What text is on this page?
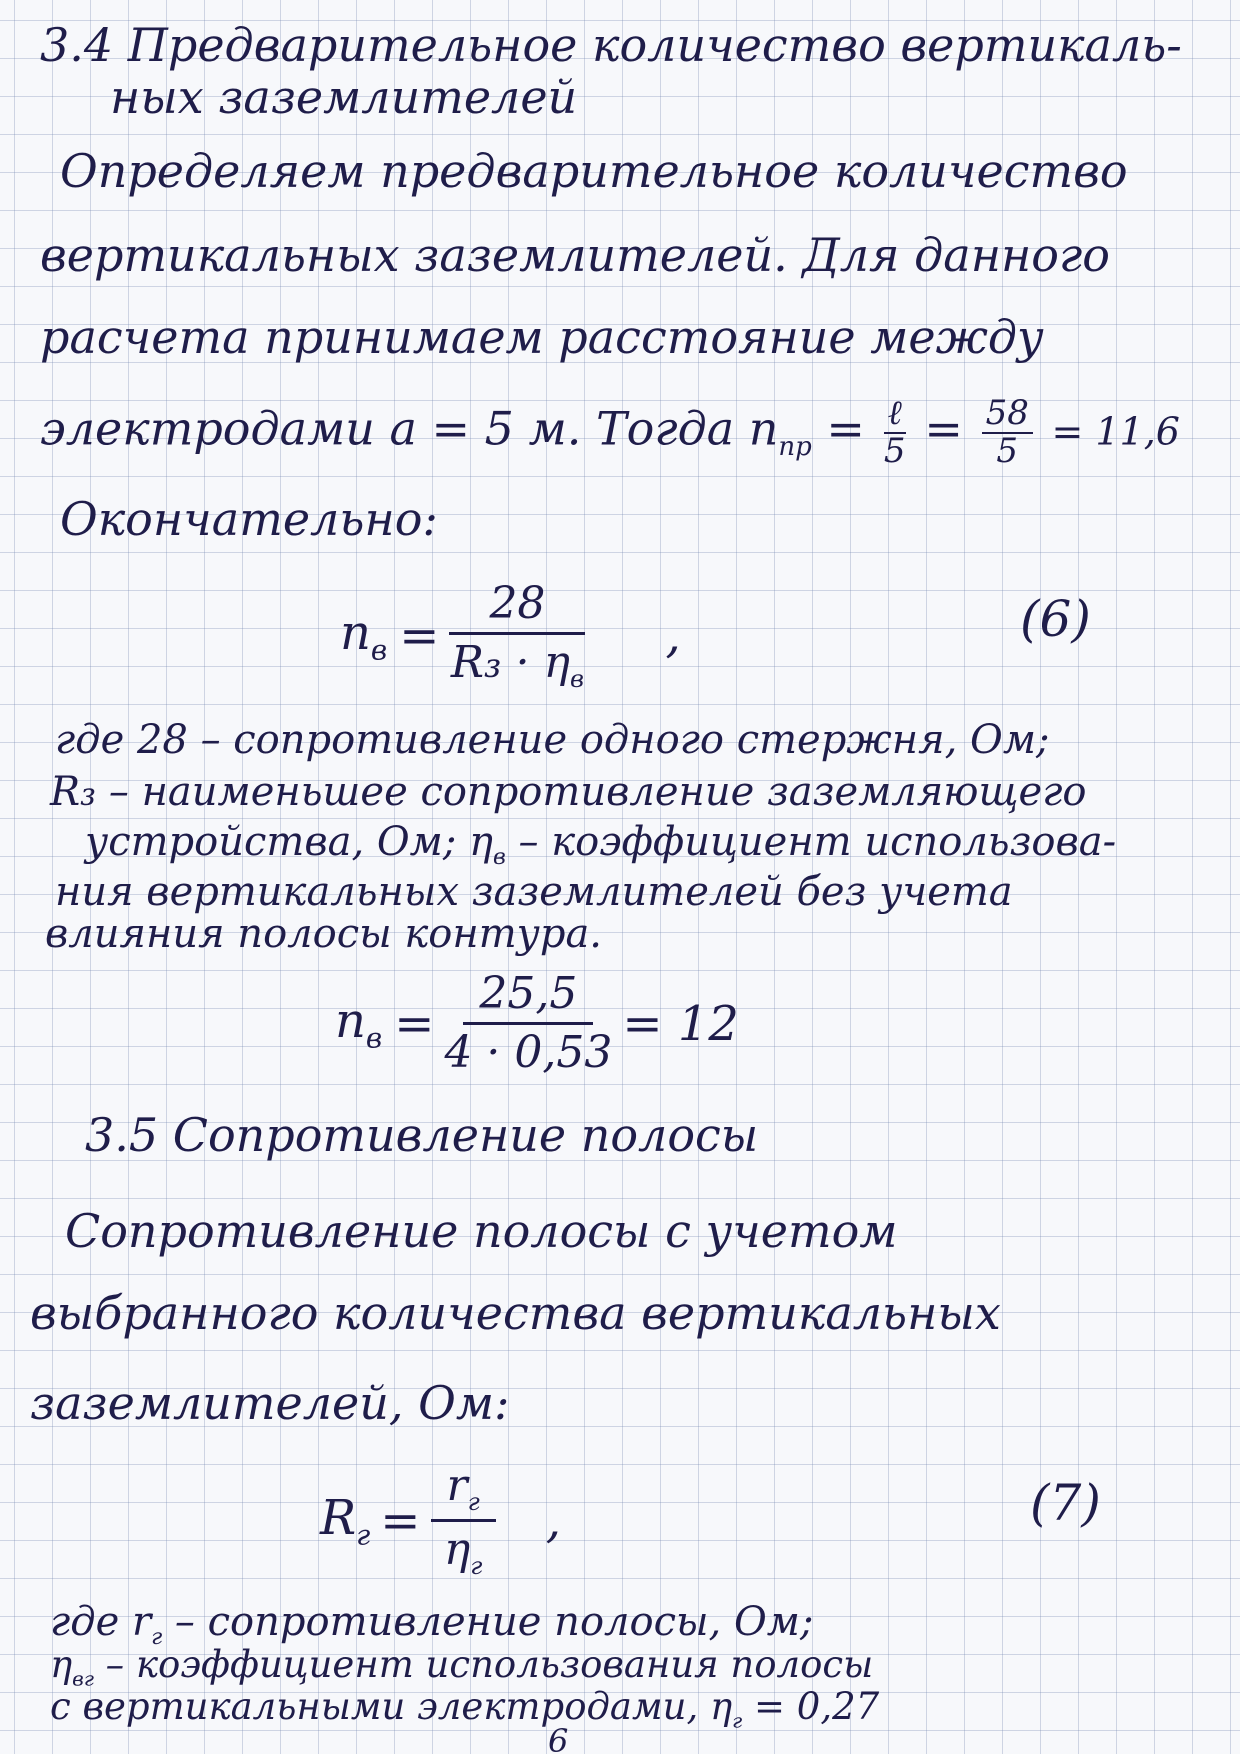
3.4 Предварительное количество вертикаль-
ных заземлителей
Определяем предварительное количество
вертикальных заземлителей. Для данного
расчета принимаем расстояние между
электродами a = 5 м. Тогда $n_{пр}$ = ℓ
$5 = \frac{58}{5} = 11,6$
Окончательно:
$n_в = \frac{28}{R_3 \cdot \eta_в}$ ,	(6)
где 28 – сопротивление одного стержня, Ом;
R₃ – наименьшее сопротивление заземляющего
устройства, Ом; $\eta_в$ – коэффициент использова-
ния вертикальных заземлителей без учета
влияния полосы контура.
$n_в = \frac{25,5}{4 \cdot 0,53} = 12$
3.5 Сопротивление полосы
Сопротивление полосы с учетом
выбранного количества вертикальных
заземлителей, Ом:
$R_г = \frac{r_г}{\eta_г}$ ,	(7)
где $r_г$ – сопротивление полосы, Ом;
$\eta_{вг}$ – коэффициент использования полосы
с вертикальными электродами, $\eta_г = 0,27$
6
